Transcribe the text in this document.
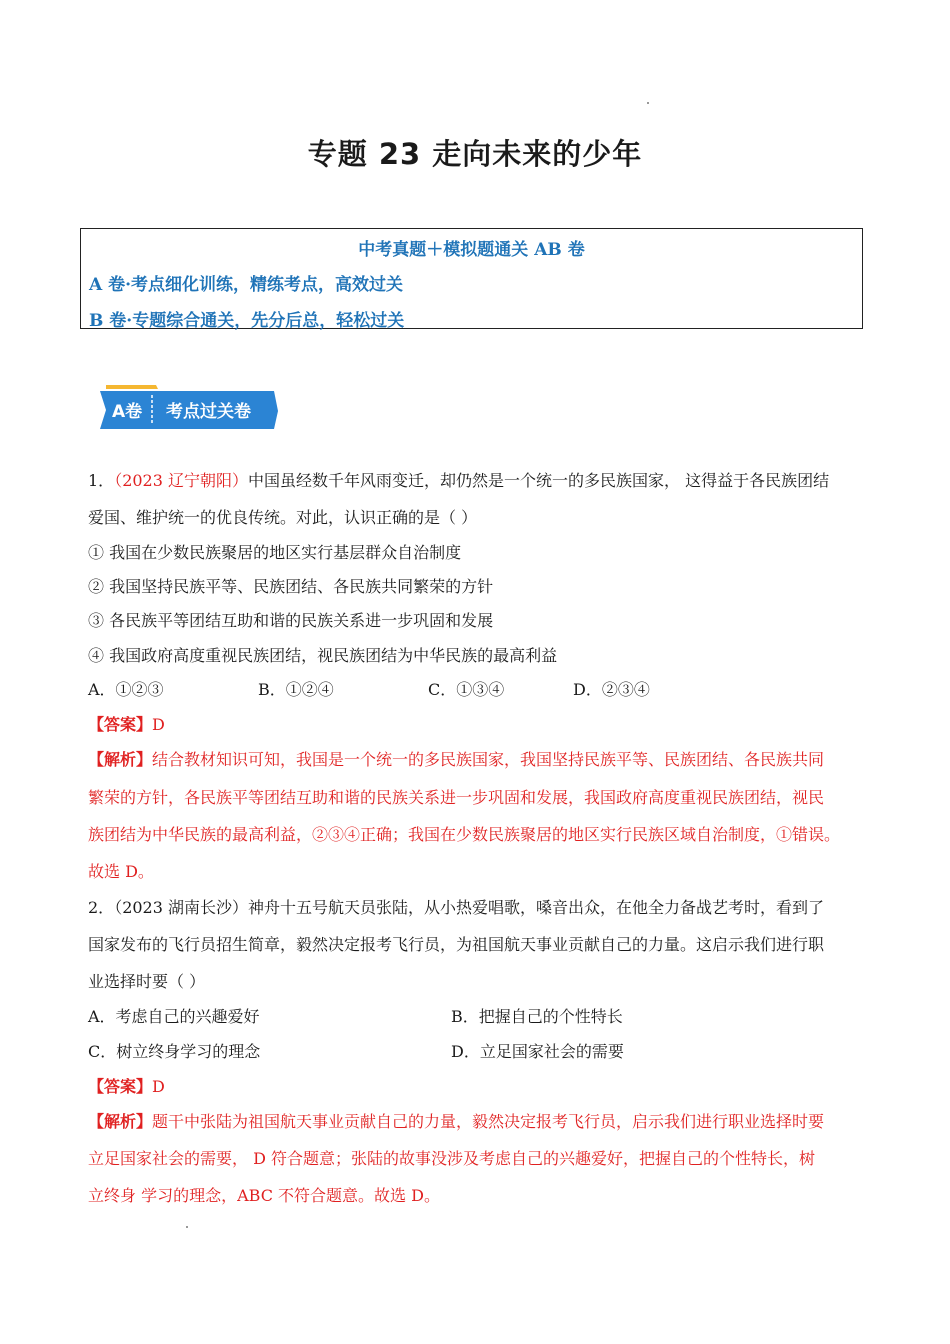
专题 23 走向未来的少年
中考真题＋模拟题通关 AB 卷
A 卷·考点细化训练，精练考点，高效过关
B 卷·专题综合通关，先分后总，轻松过关
A卷 考点过关卷
1．（2023 辽宁朝阳）中国虽经数千年风雨变迁，却仍然是一个统一的多民族国家， 这得益于各民族团结
爱国、维护统一的优良传统。对此，认识正确的是（ ）
① 我国在少数民族聚居的地区实行基层群众自治制度
② 我国坚持民族平等、民族团结、各民族共同繁荣的方针
③ 各民族平等团结互助和谐的民族关系进一步巩固和发展
④ 我国政府高度重视民族团结，视民族团结为中华民族的最高利益
A．①②③	B．①②④	C．①③④	D．②③④
【答案】D
【解析】结合教材知识可知，我国是一个统一的多民族国家，我国坚持民族平等、民族团结、各民族共同
繁荣的方针，各民族平等团结互助和谐的民族关系进一步巩固和发展，我国政府高度重视民族团结，视民
族团结为中华民族的最高利益，②③④正确；我国在少数民族聚居的地区实行民族区域自治制度，①错误。
故选 D。
2．（2023 湖南长沙）神舟十五号航天员张陆，从小热爱唱歌，嗓音出众，在他全力备战艺考时，看到了
国家发布的飞行员招生简章，毅然决定报考飞行员，为祖国航天事业贡献自己的力量。这启示我们进行职
业选择时要（ ）
A．考虑自己的兴趣爱好	B．把握自己的个性特长
C．树立终身学习的理念	D．立足国家社会的需要
【答案】D
【解析】题干中张陆为祖国航天事业贡献自己的力量，毅然决定报考飞行员，启示我们进行职业选择时要
立足国家社会的需要， D 符合题意；张陆的故事没涉及考虑自己的兴趣爱好，把握自己的个性特长，树
立终身 学习的理念，ABC 不符合题意。故选 D。
